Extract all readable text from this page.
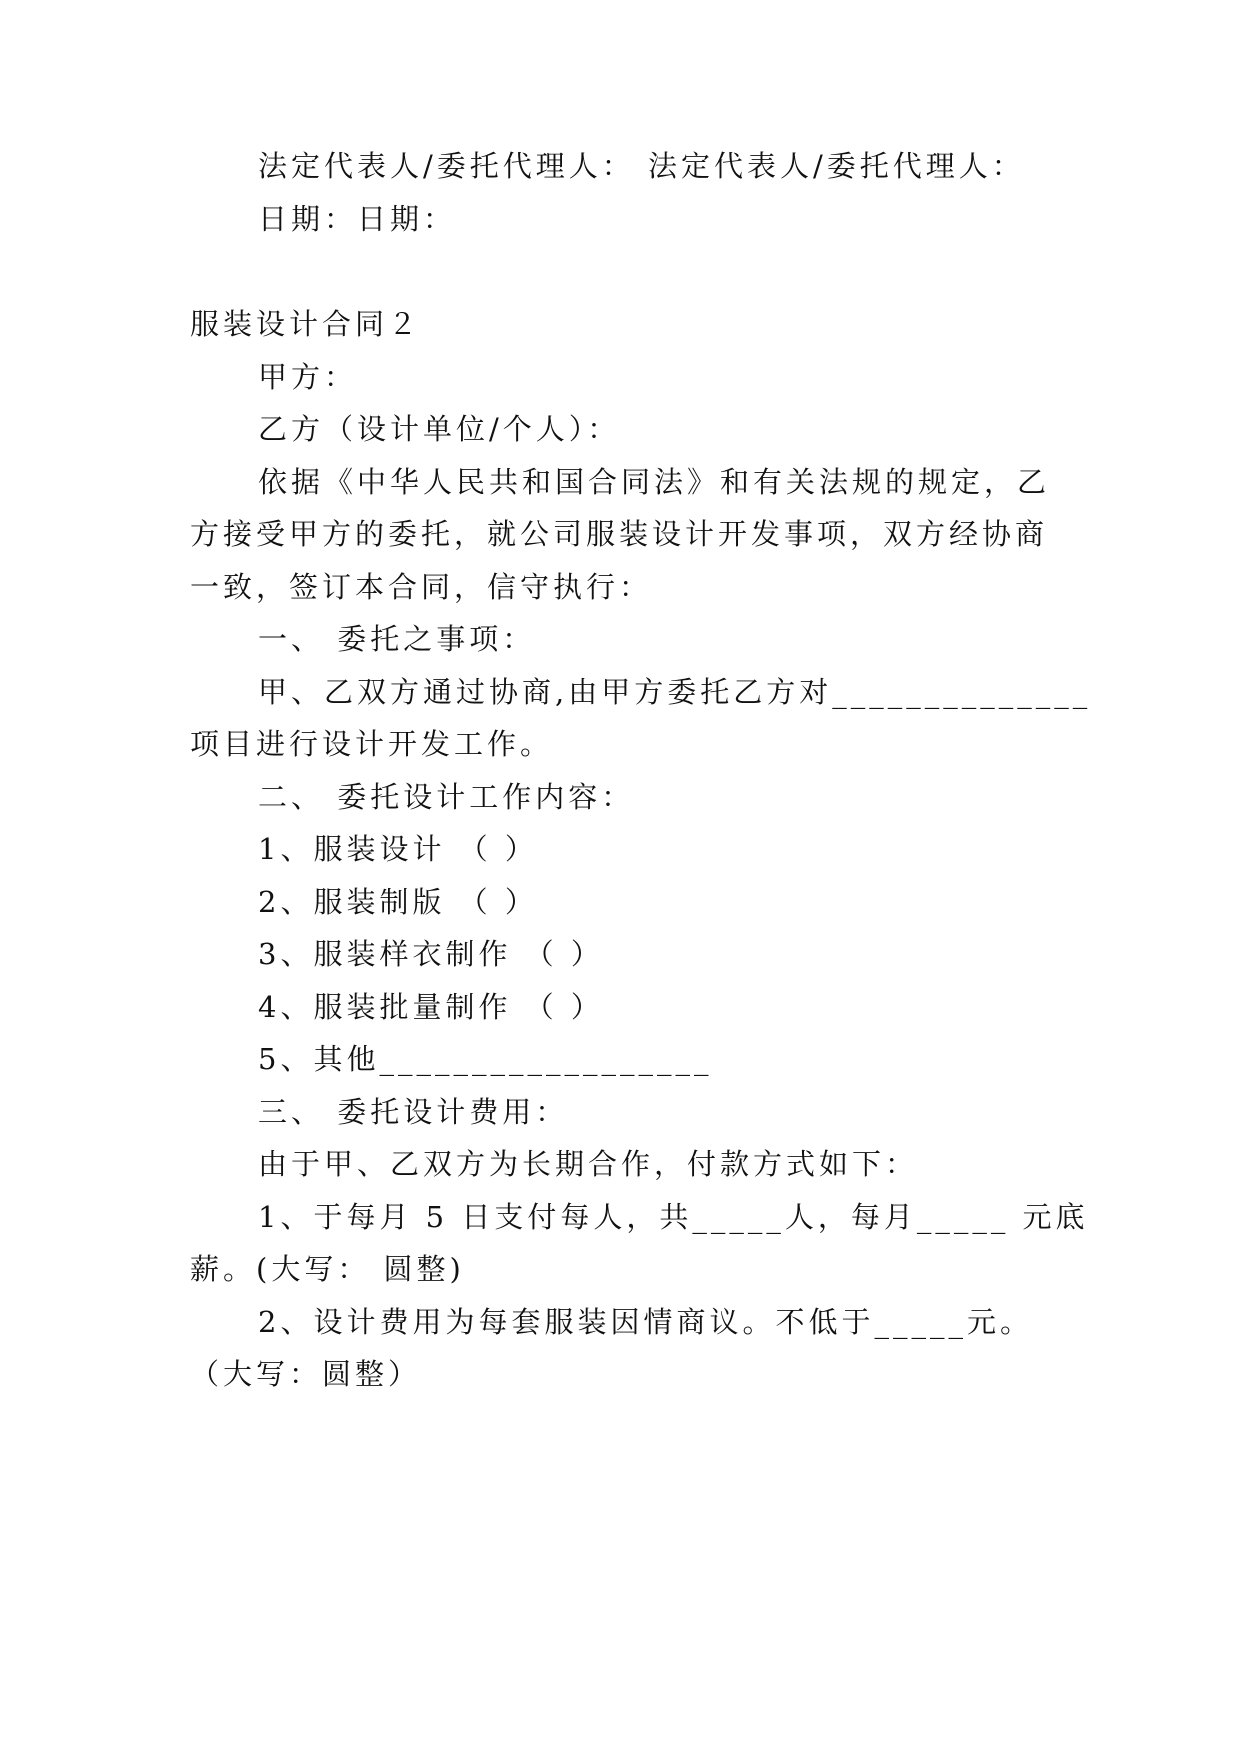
法定代表人/委托代理人： 法定代表人/委托代理人：
日期：日期：
服装设计合同２
甲方：
乙方（设计单位/个人）：
依据《中华人民共和国合同法》和有关法规的规定，乙
方接受甲方的委托，就公司服装设计开发事项，双方经协商
一致，签订本合同，信守执行：
一、 委托之事项：
甲、乙双方通过协商,由甲方委托乙方对______________
项目进行设计开发工作。
二、 委托设计工作内容：
1、服装设计 （ ）
2、服装制版 （ ）
3、服装样衣制作 （ ）
4、服装批量制作 （ ）
5、其他__________________
三、 委托设计费用：
由于甲、乙双方为长期合作，付款方式如下：
1、于每月 5 日支付每人，共_____人，每月_____ 元底
薪。(大写： 圆整)
2、设计费用为每套服装因情商议。不低于_____元。
（大写：圆整）
